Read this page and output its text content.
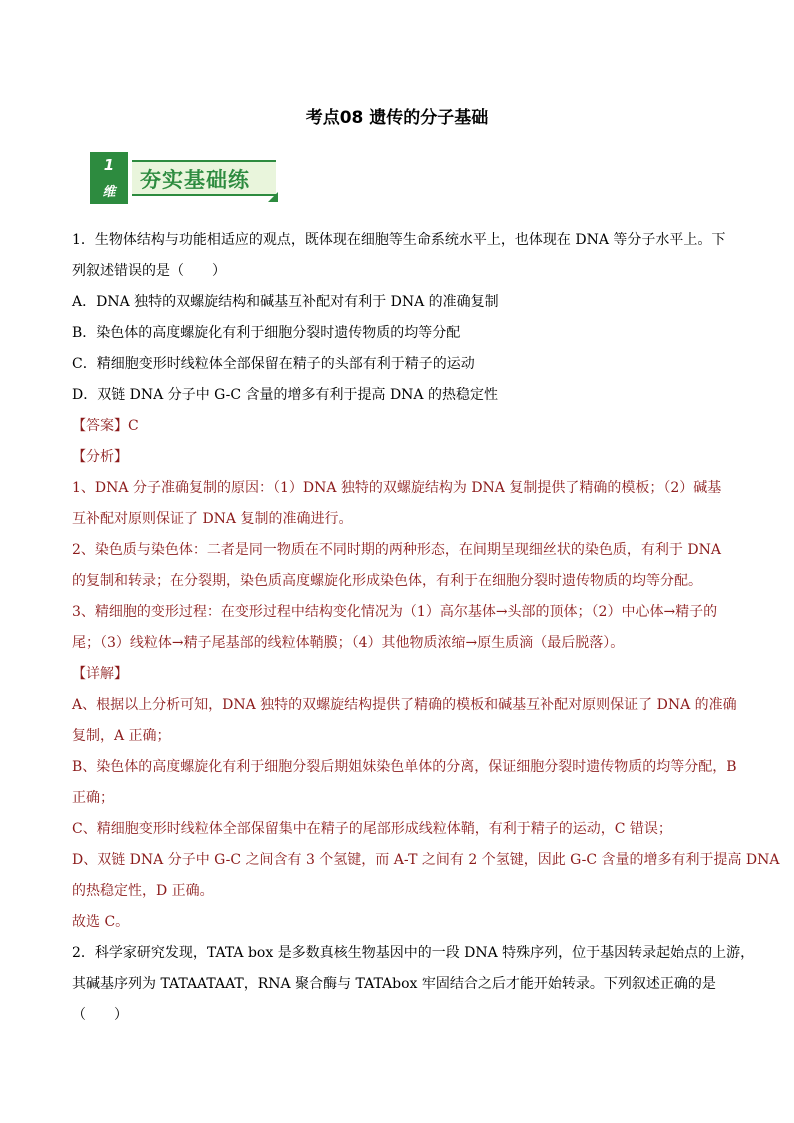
考点08 遗传的分子基础
1
维
夯实基础练
1．生物体结构与功能相适应的观点，既体现在细胞等生命系统水平上，也体现在 DNA 等分子水平上。下
列叙述错误的是（　　）
A．DNA 独特的双螺旋结构和碱基互补配对有利于 DNA 的准确复制
B．染色体的高度螺旋化有利于细胞分裂时遗传物质的均等分配
C．精细胞变形时线粒体全部保留在精子的头部有利于精子的运动
D．双链 DNA 分子中 G-C 含量的增多有利于提高 DNA 的热稳定性
【答案】C
【分析】
1、DNA 分子准确复制的原因：（1）DNA 独特的双螺旋结构为 DNA 复制提供了精确的模板；（2）碱基
互补配对原则保证了 DNA 复制的准确进行。
2、染色质与染色体：二者是同一物质在不同时期的两种形态，在间期呈现细丝状的染色质，有利于 DNA
的复制和转录；在分裂期，染色质高度螺旋化形成染色体，有利于在细胞分裂时遗传物质的均等分配。
3、精细胞的变形过程：在变形过程中结构变化情况为（1）高尔基体→头部的顶体；（2）中心体→精子的
尾；（3）线粒体→精子尾基部的线粒体鞘膜；（4）其他物质浓缩→原生质滴（最后脱落）。
【详解】
A、根据以上分析可知，DNA 独特的双螺旋结构提供了精确的模板和碱基互补配对原则保证了 DNA 的准确
复制，A 正确；
B、染色体的高度螺旋化有利于细胞分裂后期姐妹染色单体的分离，保证细胞分裂时遗传物质的均等分配，B
正确；
C、精细胞变形时线粒体全部保留集中在精子的尾部形成线粒体鞘，有利于精子的运动，C 错误；
D、双链 DNA 分子中 G-C 之间含有 3 个氢键，而 A-T 之间有 2 个氢键，因此 G-C 含量的增多有利于提高 DNA
的热稳定性，D 正确。
故选 C。
2．科学家研究发现，TATA box 是多数真核生物基因中的一段 DNA 特殊序列，位于基因转录起始点的上游，
其碱基序列为 TATAATAAT，RNA 聚合酶与 TATAbox 牢固结合之后才能开始转录。下列叙述正确的是
（　　）
